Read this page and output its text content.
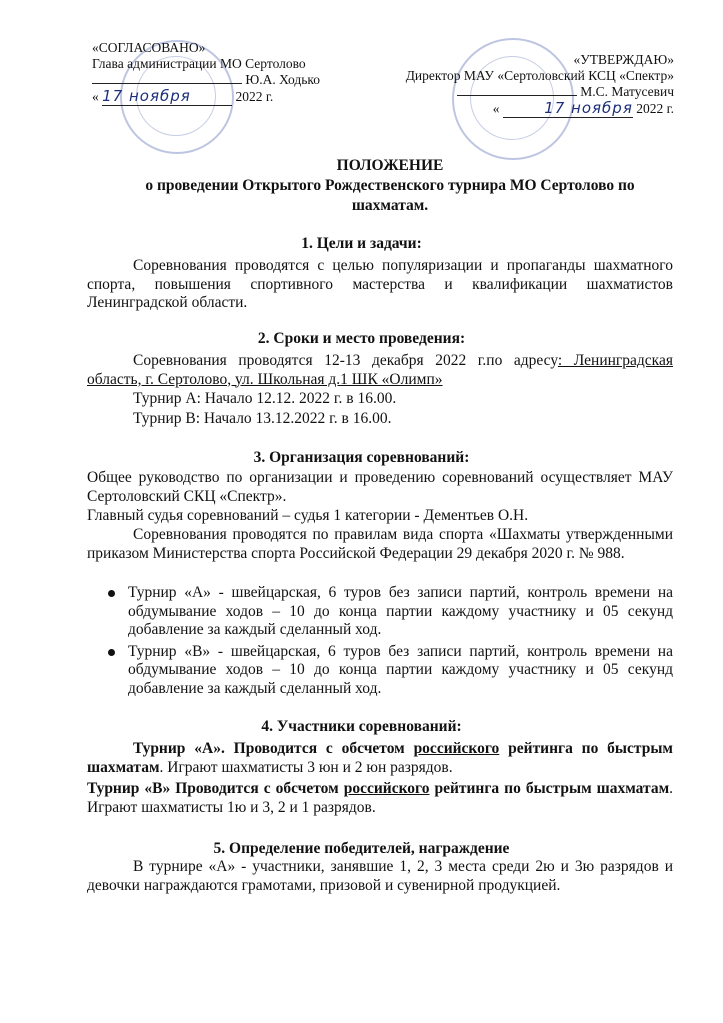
«СОГЛАСОВАНО»
Глава администрации МО Сертолово
Ю.А. Ходько
« 17 ноября	2022 г.
«УТВЕРЖДАЮ»
Директор МАУ «Сертоловский КСЦ «Спектр»
М.С. Матусевич
«	17 ноября 2022 г.
ПОЛОЖЕНИЕ
о проведении Открытого Рождественского турнира МО Сертолово по
шахматам.
1. Цели и задачи:
Соревнования проводятся с целью популяризации и пропаганды шахматного спорта, повышения спортивного мастерства и квалификации шахматистов Ленинградской области.
2. Сроки и место проведения:
Соревнования проводятся 12-13 декабря 2022 г.по адресу: Ленинградская область, г. Сертолово, ул. Школьная д.1 ШК «Олимп»
Турнир А: Начало 12.12. 2022 г. в 16.00.
Турнир В: Начало 13.12.2022 г. в 16.00.
3. Организация соревнований:
Общее руководство по организации и проведению соревнований осуществляет МАУ Сертоловский СКЦ «Спектр».
Главный судья соревнований – судья 1 категории - Дементьев О.Н.
Соревнования проводятся по правилам вида спорта «Шахматы утвержденными приказом Министерства спорта Российской Федерации 29 декабря 2020 г. № 988.
Турнир «А» - швейцарская, 6 туров без записи партий, контроль времени на обдумывание ходов – 10 до конца партии каждому участнику и 05 секунд добавление за каждый сделанный ход.
Турнир «В» - швейцарская, 6 туров без записи партий, контроль времени на обдумывание ходов – 10 до конца партии каждому участнику и 05 секунд добавление за каждый сделанный ход.
4. Участники соревнований:
Турнир «А». Проводится с обсчетом российского рейтинга по быстрым шахматам. Играют шахматисты 3 юн и 2 юн разрядов.
Турнир «В» Проводится с обсчетом российского рейтинга по быстрым шахматам. Играют шахматисты 1ю и 3, 2 и 1 разрядов.
5. Определение победителей, награждение
В турнире «А» - участники, занявшие 1, 2, 3 места среди 2ю и 3ю разрядов и девочки награждаются грамотами, призовой и сувенирной продукцией.
